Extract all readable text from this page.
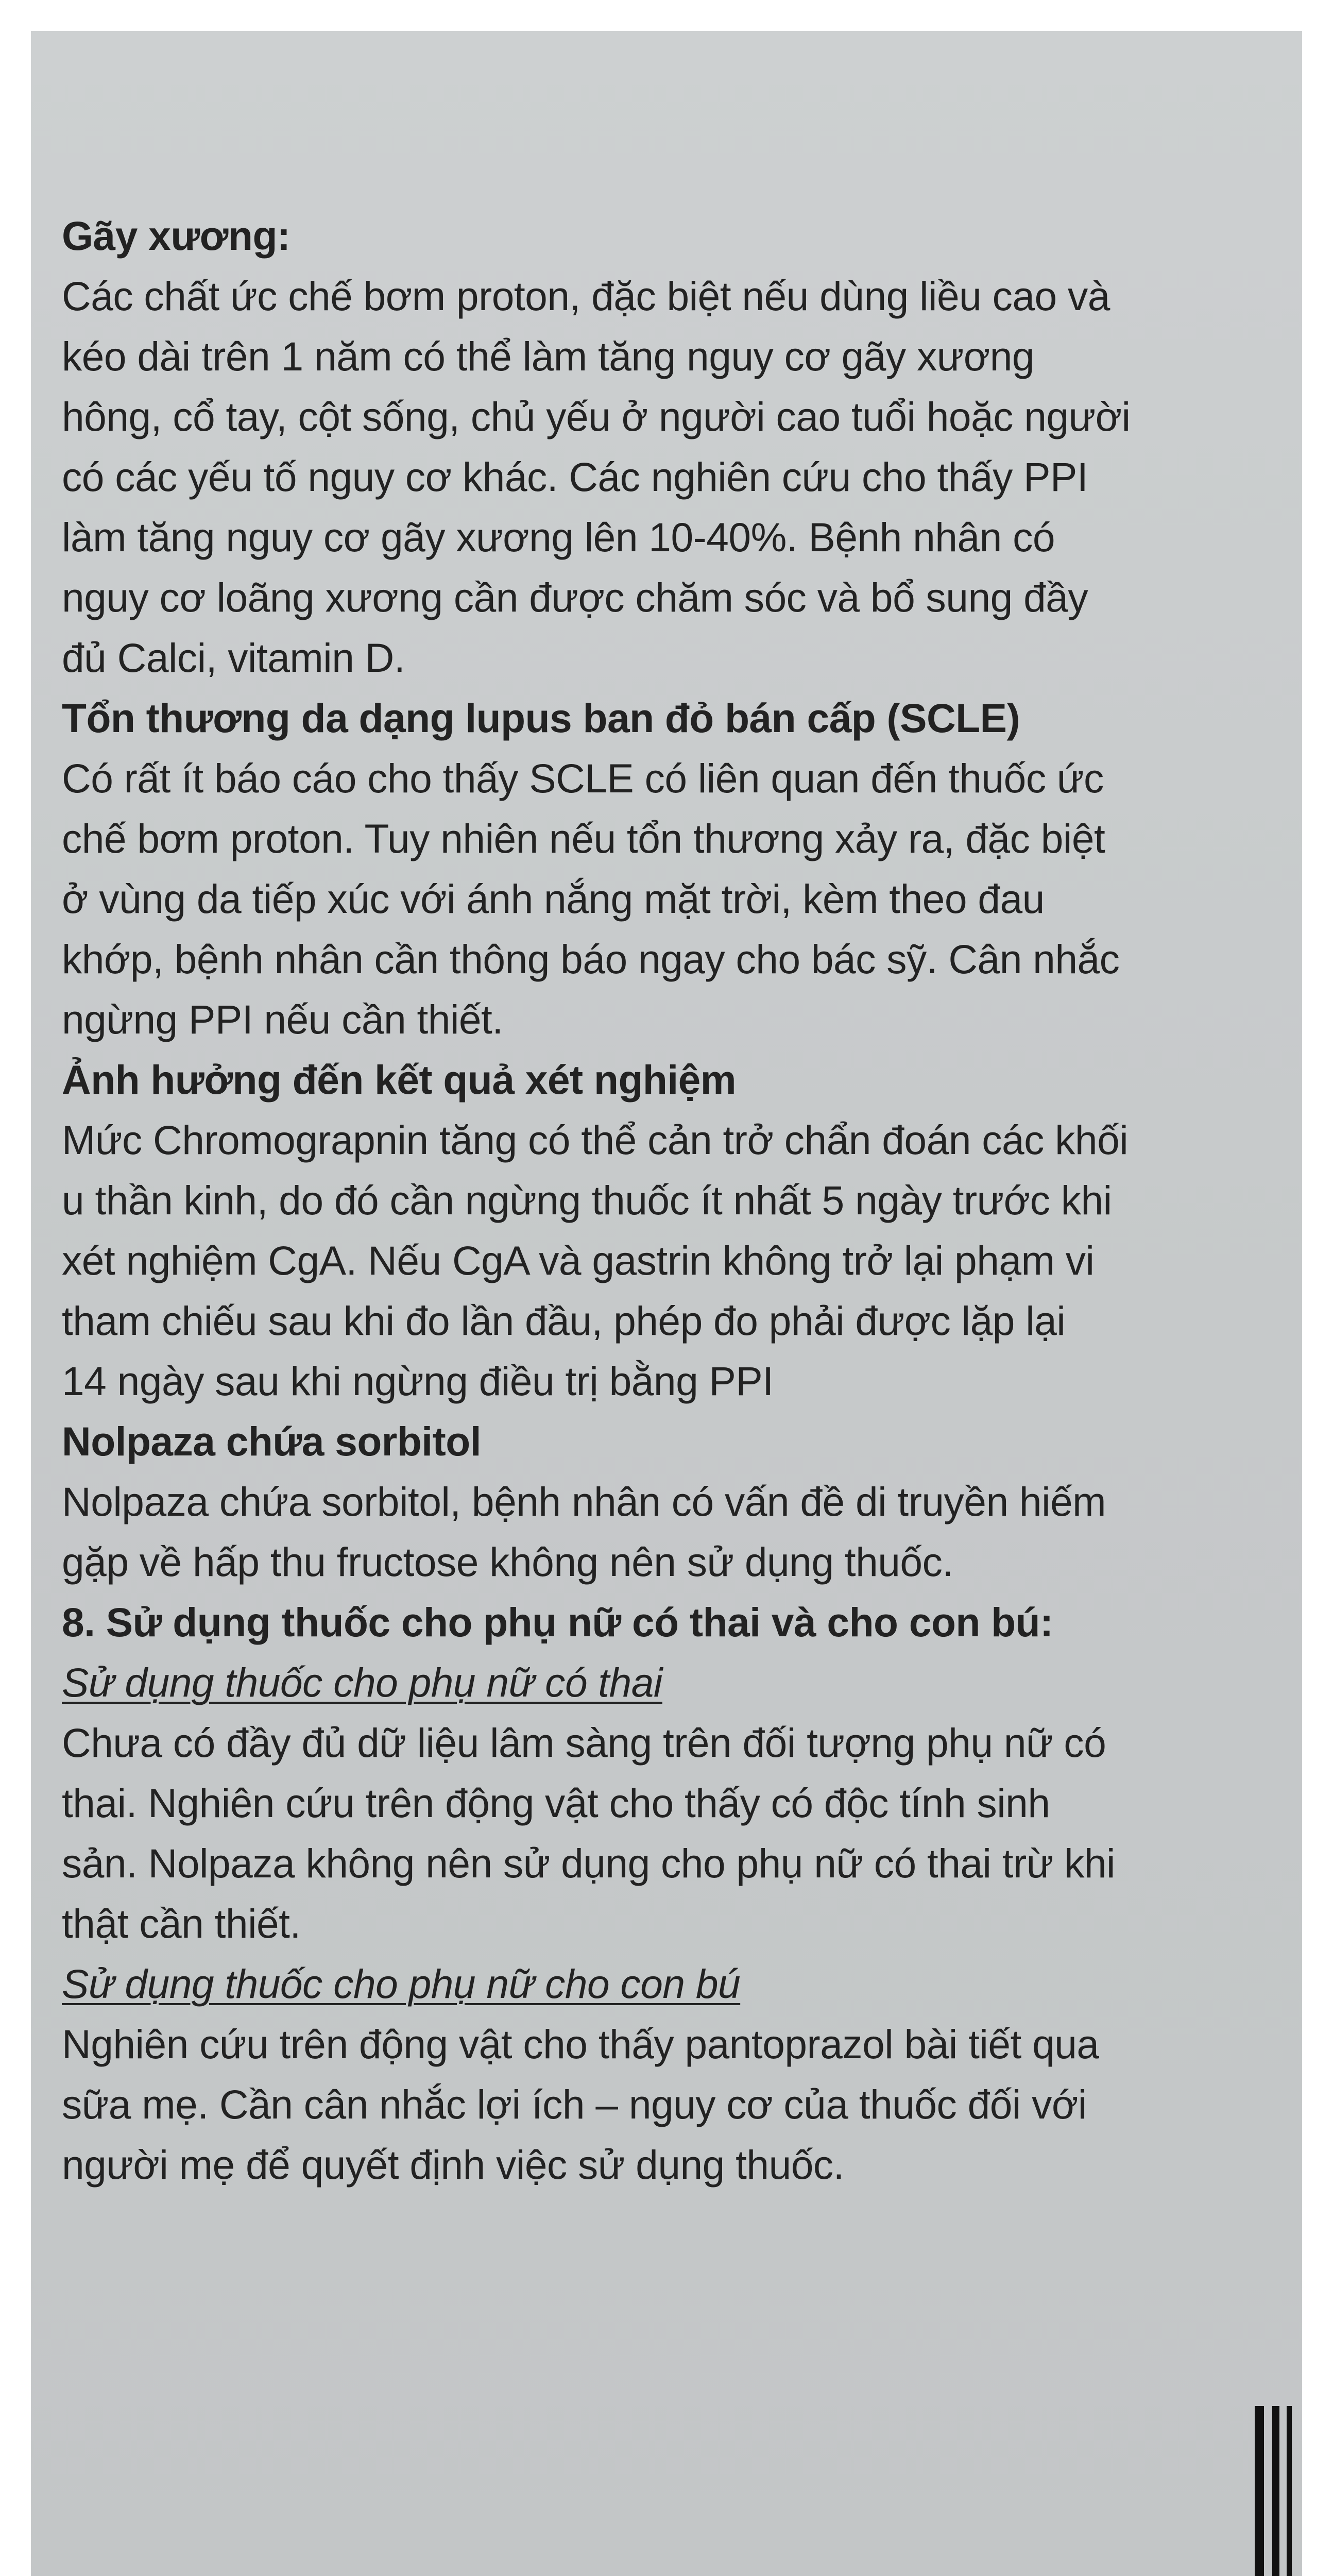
Gãy xương:
Các chất ức chế bơm proton, đặc biệt nếu dùng liều cao và
kéo dài trên 1 năm có thể làm tăng nguy cơ gãy xương
hông, cổ tay, cột sống, chủ yếu ở người cao tuổi hoặc người
có các yếu tố nguy cơ khác. Các nghiên cứu cho thấy PPI
làm tăng nguy cơ gãy xương lên 10-40%. Bệnh nhân có
nguy cơ loãng xương cần được chăm sóc và bổ sung đầy
đủ Calci, vitamin D.
Tổn thương da dạng lupus ban đỏ bán cấp (SCLE)
Có rất ít báo cáo cho thấy SCLE có liên quan đến thuốc ức
chế bơm proton. Tuy nhiên nếu tổn thương xảy ra, đặc biệt
ở vùng da tiếp xúc với ánh nắng mặt trời, kèm theo đau
khớp, bệnh nhân cần thông báo ngay cho bác sỹ. Cân nhắc
ngừng PPI nếu cần thiết.
Ảnh hưởng đến kết quả xét nghiệm
Mức Chromograpnin tăng có thể cản trở chẩn đoán các khối
u thần kinh, do đó cần ngừng thuốc ít nhất 5 ngày trước khi
xét nghiệm CgA. Nếu CgA và gastrin không trở lại phạm vi
tham chiếu sau khi đo lần đầu, phép đo phải được lặp lại
14 ngày sau khi ngừng điều trị bằng PPI
Nolpaza chứa sorbitol
Nolpaza chứa sorbitol, bệnh nhân có vấn đề di truyền hiếm
gặp về hấp thu fructose không nên sử dụng thuốc.
8. Sử dụng thuốc cho phụ nữ có thai và cho con bú:
Sử dụng thuốc cho phụ nữ có thai
Chưa có đầy đủ dữ liệu lâm sàng trên đối tượng phụ nữ có
thai. Nghiên cứu trên động vật cho thấy có độc tính sinh
sản. Nolpaza không nên sử dụng cho phụ nữ có thai trừ khi
thật cần thiết.
Sử dụng thuốc cho phụ nữ cho con bú
Nghiên cứu trên động vật cho thấy pantoprazol bài tiết qua
sữa mẹ. Cần cân nhắc lợi ích – nguy cơ của thuốc đối với
người mẹ để quyết định việc sử dụng thuốc.
